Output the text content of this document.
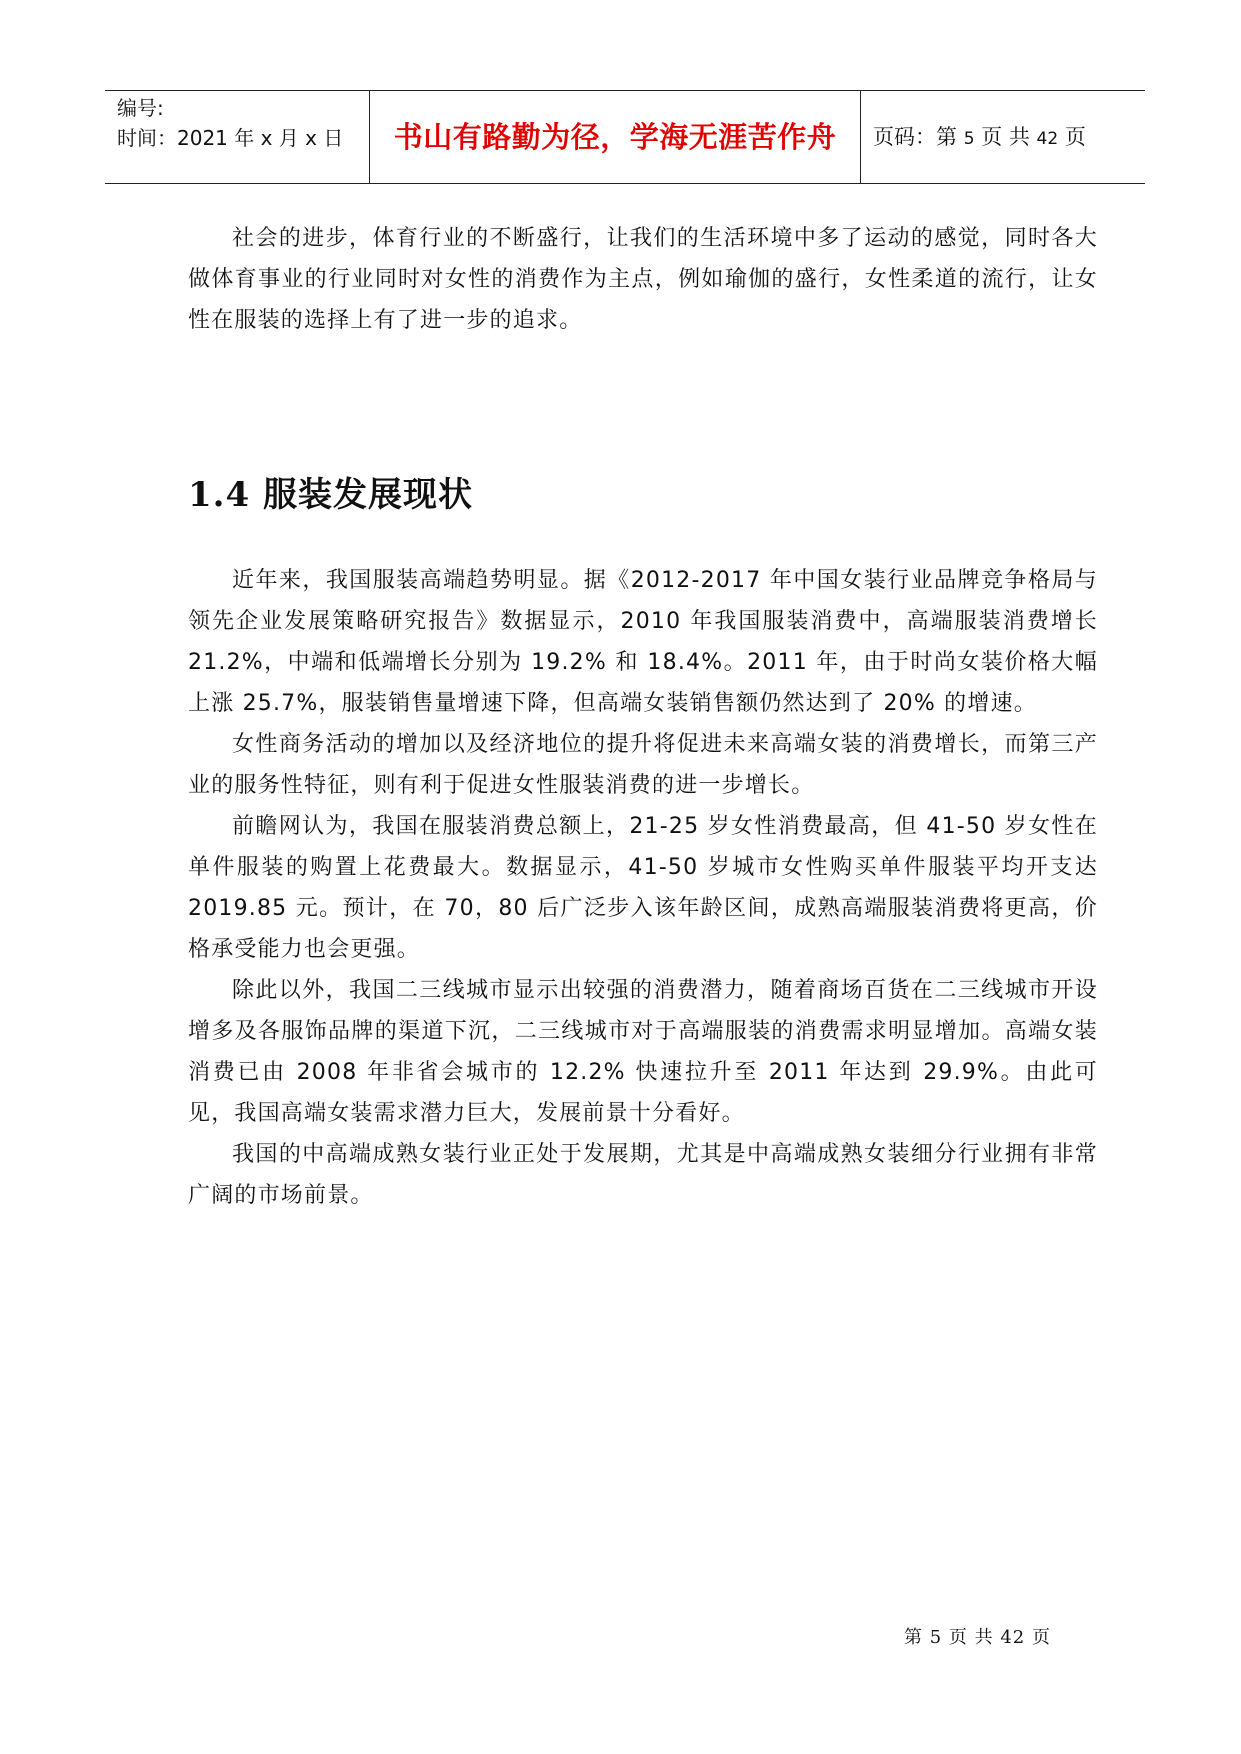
编号:
时间：2021 年 x 月 x 日	书山有路勤为径，学海无涯苦作舟	页码：第 5 页 共 42 页

社会的进步，体育行业的不断盛行，让我们的生活环境中多了运动的感觉，同时各大做体育事业的行业同时对女性的消费作为主点，例如瑜伽的盛行，女性柔道的流行，让女性在服装的选择上有了进一步的追求。

1.4 服装发展现状

近年来，我国服装高端趋势明显。据《2012-2017 年中国女装行业品牌竞争格局与领先企业发展策略研究报告》数据显示，2010 年我国服装消费中，高端服装消费增长 21.2%，中端和低端增长分别为 19.2% 和 18.4%。2011 年，由于时尚女装价格大幅上涨 25.7%，服装销售量增速下降，但高端女装销售额仍然达到了 20% 的增速。

女性商务活动的增加以及经济地位的提升将促进未来高端女装的消费增长，而第三产业的服务性特征，则有利于促进女性服装消费的进一步增长。

前瞻网认为，我国在服装消费总额上，21-25 岁女性消费最高，但 41-50 岁女性在单件服装的购置上花费最大。数据显示，41-50 岁城市女性购买单件服装平均开支达 2019.85 元。预计，在 70，80 后广泛步入该年龄区间，成熟高端服装消费将更高，价格承受能力也会更强。

除此以外，我国二三线城市显示出较强的消费潜力，随着商场百货在二三线城市开设增多及各服饰品牌的渠道下沉，二三线城市对于高端服装的消费需求明显增加。高端女装消费已由 2008 年非省会城市的 12.2% 快速拉升至 2011 年达到 29.9%。由此可见，我国高端女装需求潜力巨大，发展前景十分看好。

我国的中高端成熟女装行业正处于发展期，尤其是中高端成熟女装细分行业拥有非常广阔的市场前景。

第 5 页 共 42 页
